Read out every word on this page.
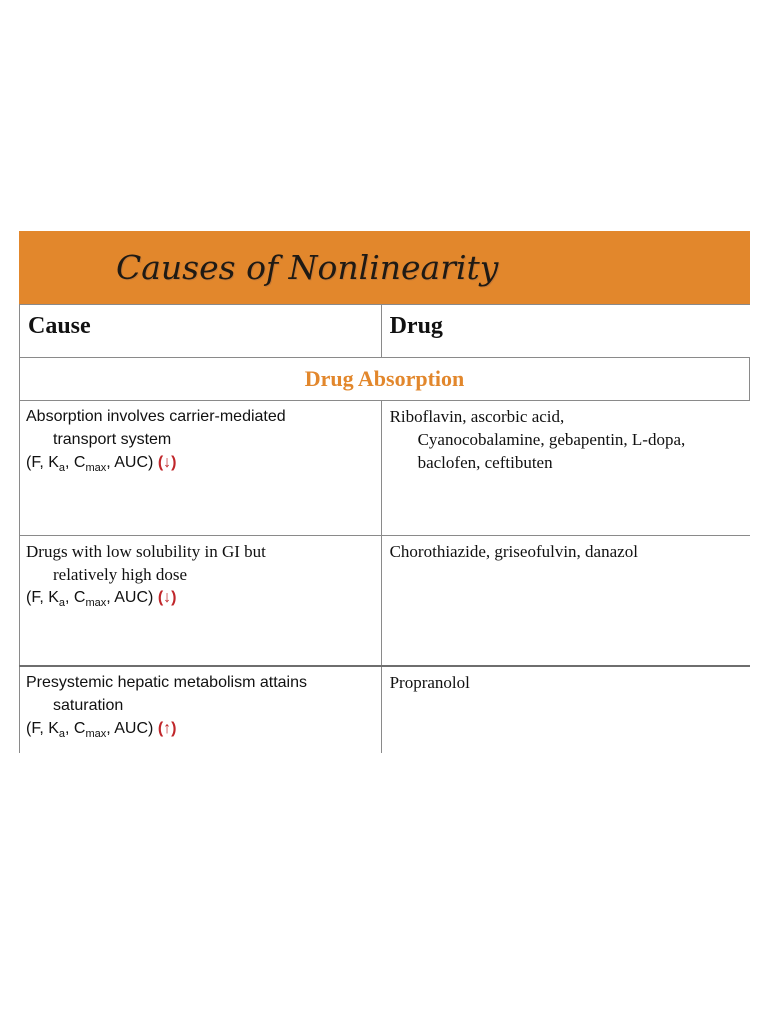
Causes of Nonlinearity
Cause	Drug

Drug Absorption	

Absorption involves carrier-mediated
transport system
(F, $K_a$, $C_{max}$, AUC) (↓)	Riboflavin, ascorbic acid,
Cyanocobalamine, gebapentin, L-dopa,
baclofen, ceftibuten

Drugs with low solubility in GI but
relatively high dose
(F, $K_a$, $C_{max}$, AUC) (↓)	Chorothiazide, griseofulvin, danazol

Presystemic hepatic metabolism attains
saturation
(F, $K_a$, $C_{max}$, AUC) (↑)	Propranolol
